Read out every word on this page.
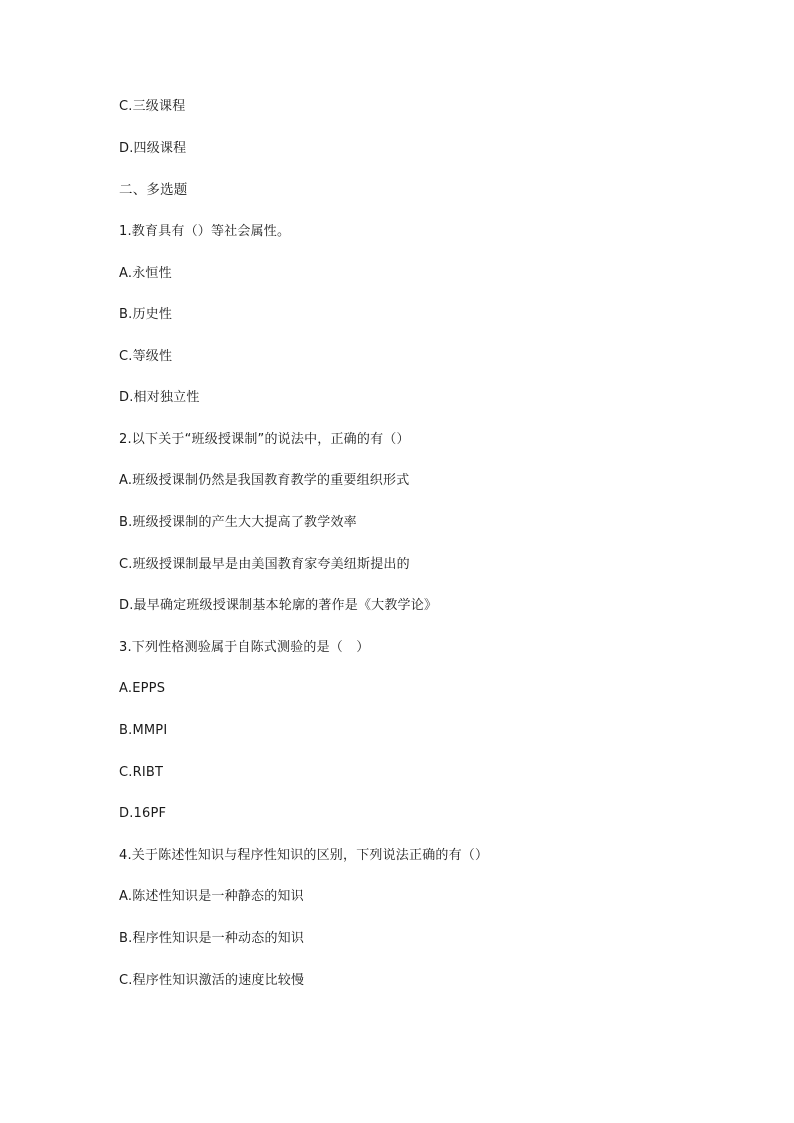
C.三级课程
D.四级课程
二、多选题
1.教育具有（）等社会属性。
A.永恒性
B.历史性
C.等级性
D.相对独立性
2.以下关于“班级授课制”的说法中，正确的有（）
A.班级授课制仍然是我国教育教学的重要组织形式
B.班级授课制的产生大大提高了教学效率
C.班级授课制最早是由美国教育家夸美纽斯提出的
D.最早确定班级授课制基本轮廓的著作是《大教学论》
3.下列性格测验属于自陈式测验的是（　）
A.EPPS
B.MMPI
C.RIBT
D.16PF
4.关于陈述性知识与程序性知识的区别，下列说法正确的有（）
A.陈述性知识是一种静态的知识
B.程序性知识是一种动态的知识
C.程序性知识激活的速度比较慢
